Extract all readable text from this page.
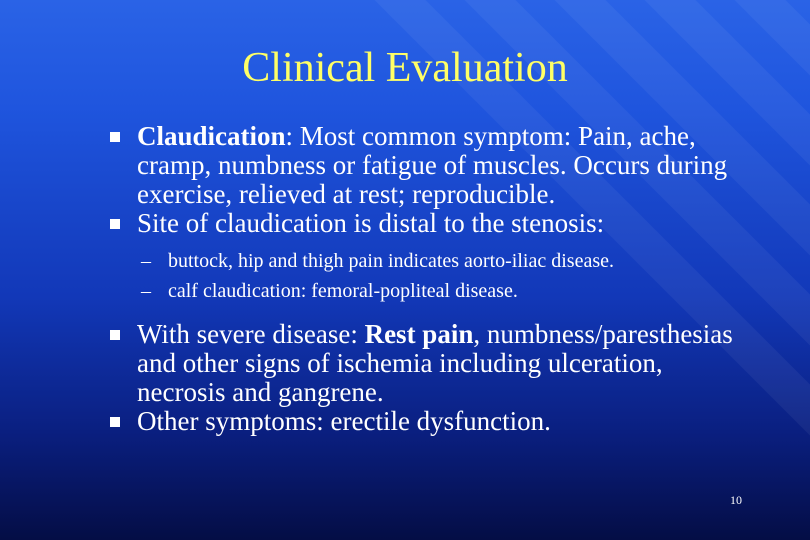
Clinical Evaluation
Claudication: Most common symptom: Pain, ache, cramp, numbness or fatigue of muscles. Occurs during exercise, relieved at rest; reproducible.
Site of claudication is distal to the stenosis:
– buttock, hip and thigh pain indicates aorto-iliac disease.
– calf claudication: femoral-popliteal disease.
With severe disease: Rest pain, numbness/paresthesias and other signs of ischemia including ulceration, necrosis and gangrene.
Other symptoms: erectile dysfunction.
10
